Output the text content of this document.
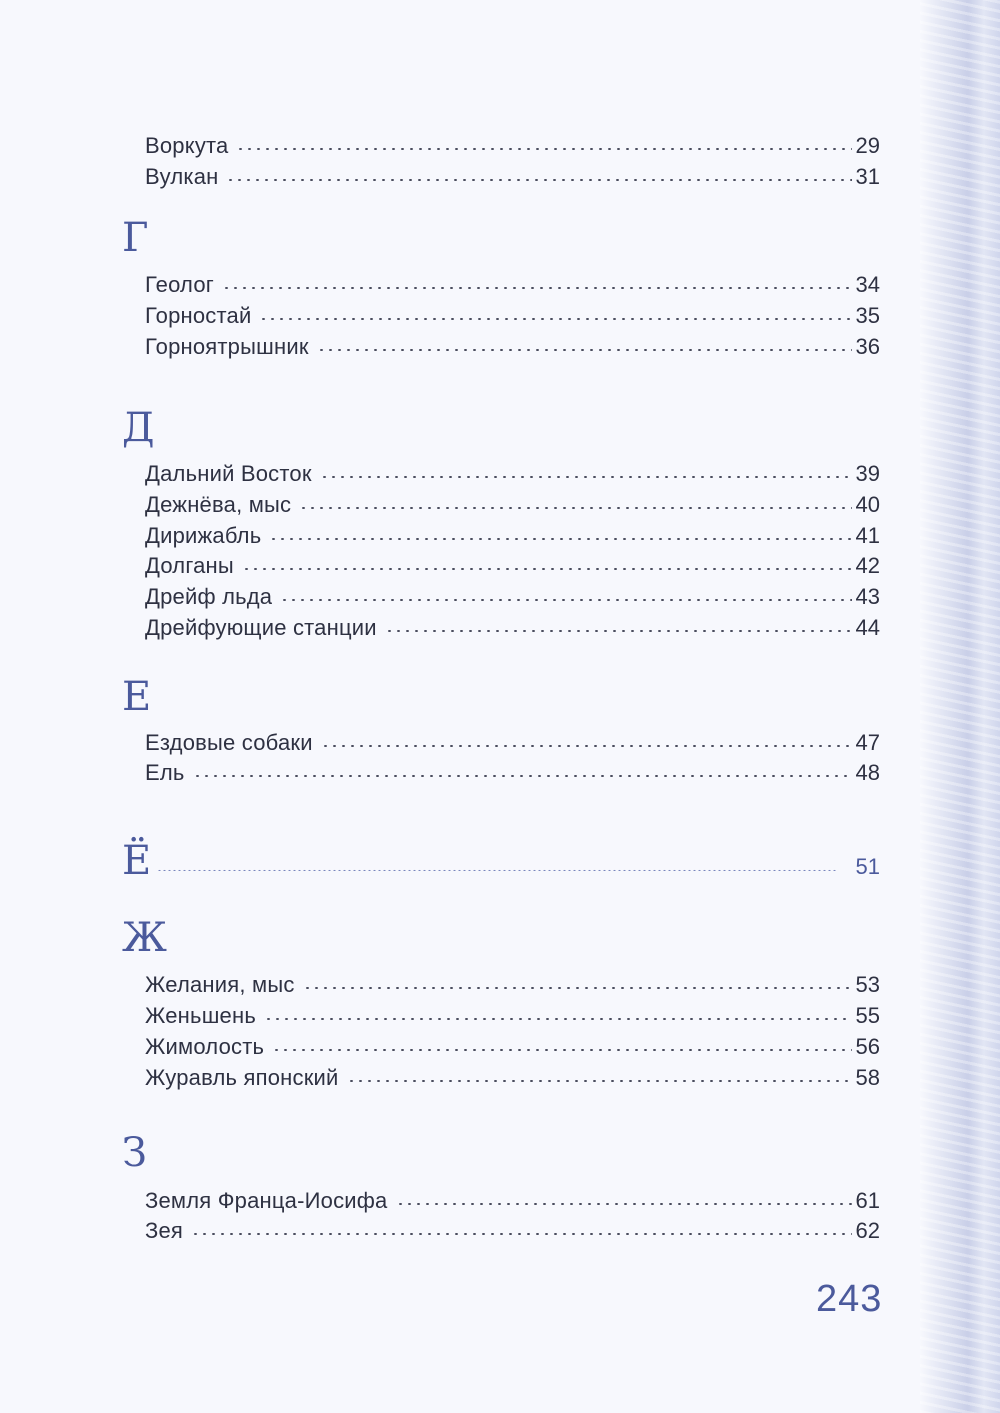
Воркута	29
Вулкан	31
Г
Геолог	34
Горностай	35
Горноятрышник	36
Д
Дальний Восток	39
Дежнёва, мыс	40
Дирижабль	41
Долганы	42
Дрейф льда	43
Дрейфующие станции	44
Е
Ездовые собаки	47
Ель	48
Ё	51
Ж
Желания, мыс	53
Женьшень	55
Жимолость	56
Журавль японский	58
З
Земля Франца-Иосифа	61
Зея	62
243
